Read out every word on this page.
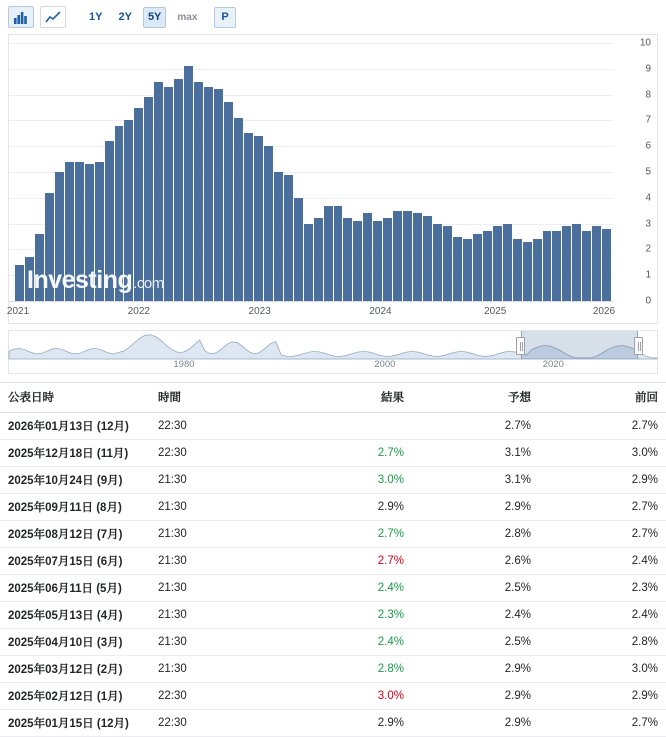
1Y	2Y	5Y	max	P
0
1
2
3
4
5
6
7
8
9
10
2021	2022	2023	2024	2025	2026
Investing .com
1980	2000	2020
公表日時	時間	結果	予想	前回
2026年01月13日 (12月)	22:30		2.7%	2.7%
2025年12月18日 (11月)	22:30	2.7%	3.1%	3.0%
2025年10月24日 (9月)	21:30	3.0%	3.1%	2.9%
2025年09月11日 (8月)	21:30	2.9%	2.9%	2.7%
2025年08月12日 (7月)	21:30	2.7%	2.8%	2.7%
2025年07月15日 (6月)	21:30	2.7%	2.6%	2.4%
2025年06月11日 (5月)	21:30	2.4%	2.5%	2.3%
2025年05月13日 (4月)	21:30	2.3%	2.4%	2.4%
2025年04月10日 (3月)	21:30	2.4%	2.5%	2.8%
2025年03月12日 (2月)	21:30	2.8%	2.9%	3.0%
2025年02月12日 (1月)	22:30	3.0%	2.9%	2.9%
2025年01月15日 (12月)	22:30	2.9%	2.9%	2.7%
